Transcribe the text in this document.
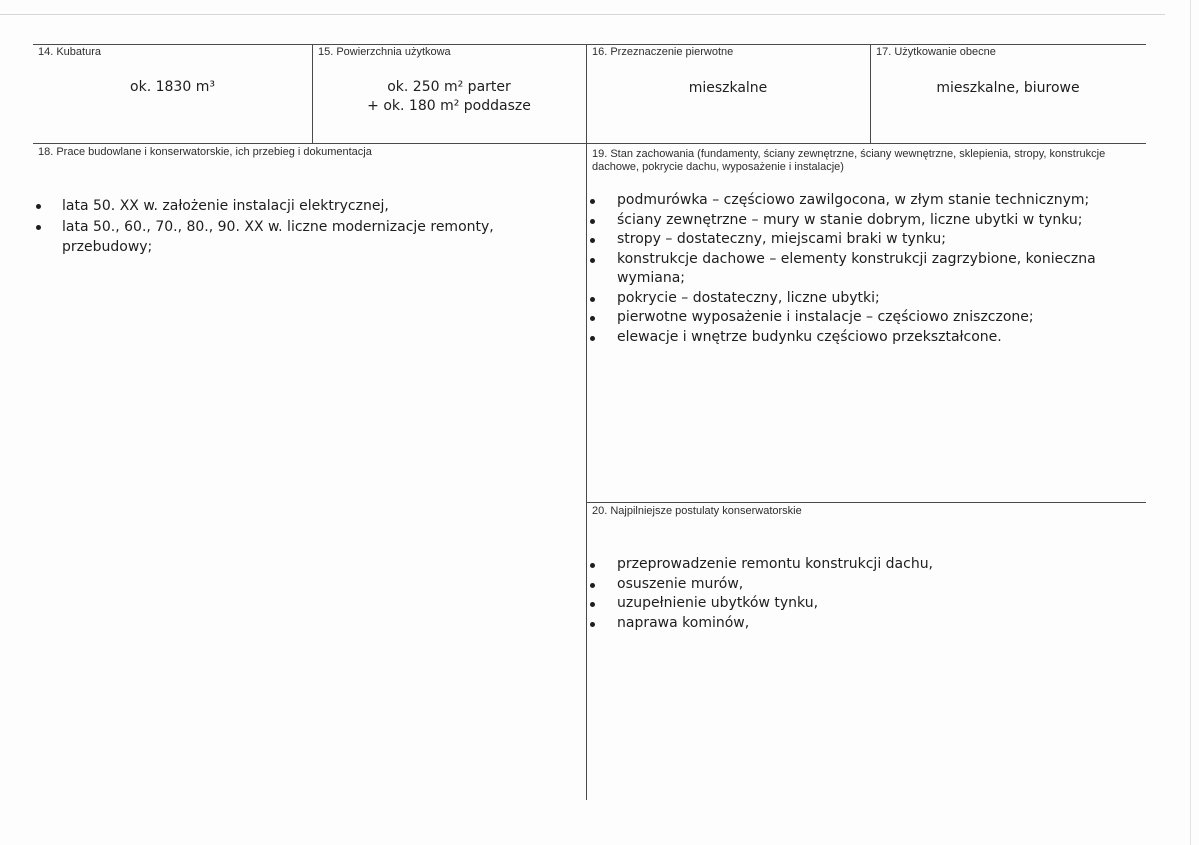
14. Kubatura
ok. 1830 m³
15. Powierzchnia użytkowa
ok. 250 m² parter
+ ok. 180 m² poddasze
16. Przeznaczenie pierwotne
mieszkalne
17. Użytkowanie obecne
mieszkalne, biurowe
18. Prace budowlane i konserwatorskie, ich przebieg i dokumentacja
lata 50. XX w. założenie instalacji elektrycznej,
lata 50., 60., 70., 80., 90. XX w. liczne modernizacje remonty, przebudowy;
19. Stan zachowania (fundamenty, ściany zewnętrzne, ściany wewnętrzne, sklepienia, stropy, konstrukcje dachowe, pokrycie dachu, wyposażenie i instalacje)
podmurówka – częściowo zawilgocona, w złym stanie technicznym;
ściany zewnętrzne – mury w stanie dobrym, liczne ubytki w tynku;
stropy – dostateczny, miejscami braki w tynku;
konstrukcje dachowe – elementy konstrukcji zagrzybione, konieczna wymiana;
pokrycie – dostateczny, liczne ubytki;
pierwotne wyposażenie i instalacje – częściowo zniszczone;
elewacje i wnętrze budynku częściowo przekształcone.
20. Najpilniejsze postulaty konserwatorskie
przeprowadzenie remontu konstrukcji dachu,
osuszenie murów,
uzupełnienie ubytków tynku,
naprawa kominów,
